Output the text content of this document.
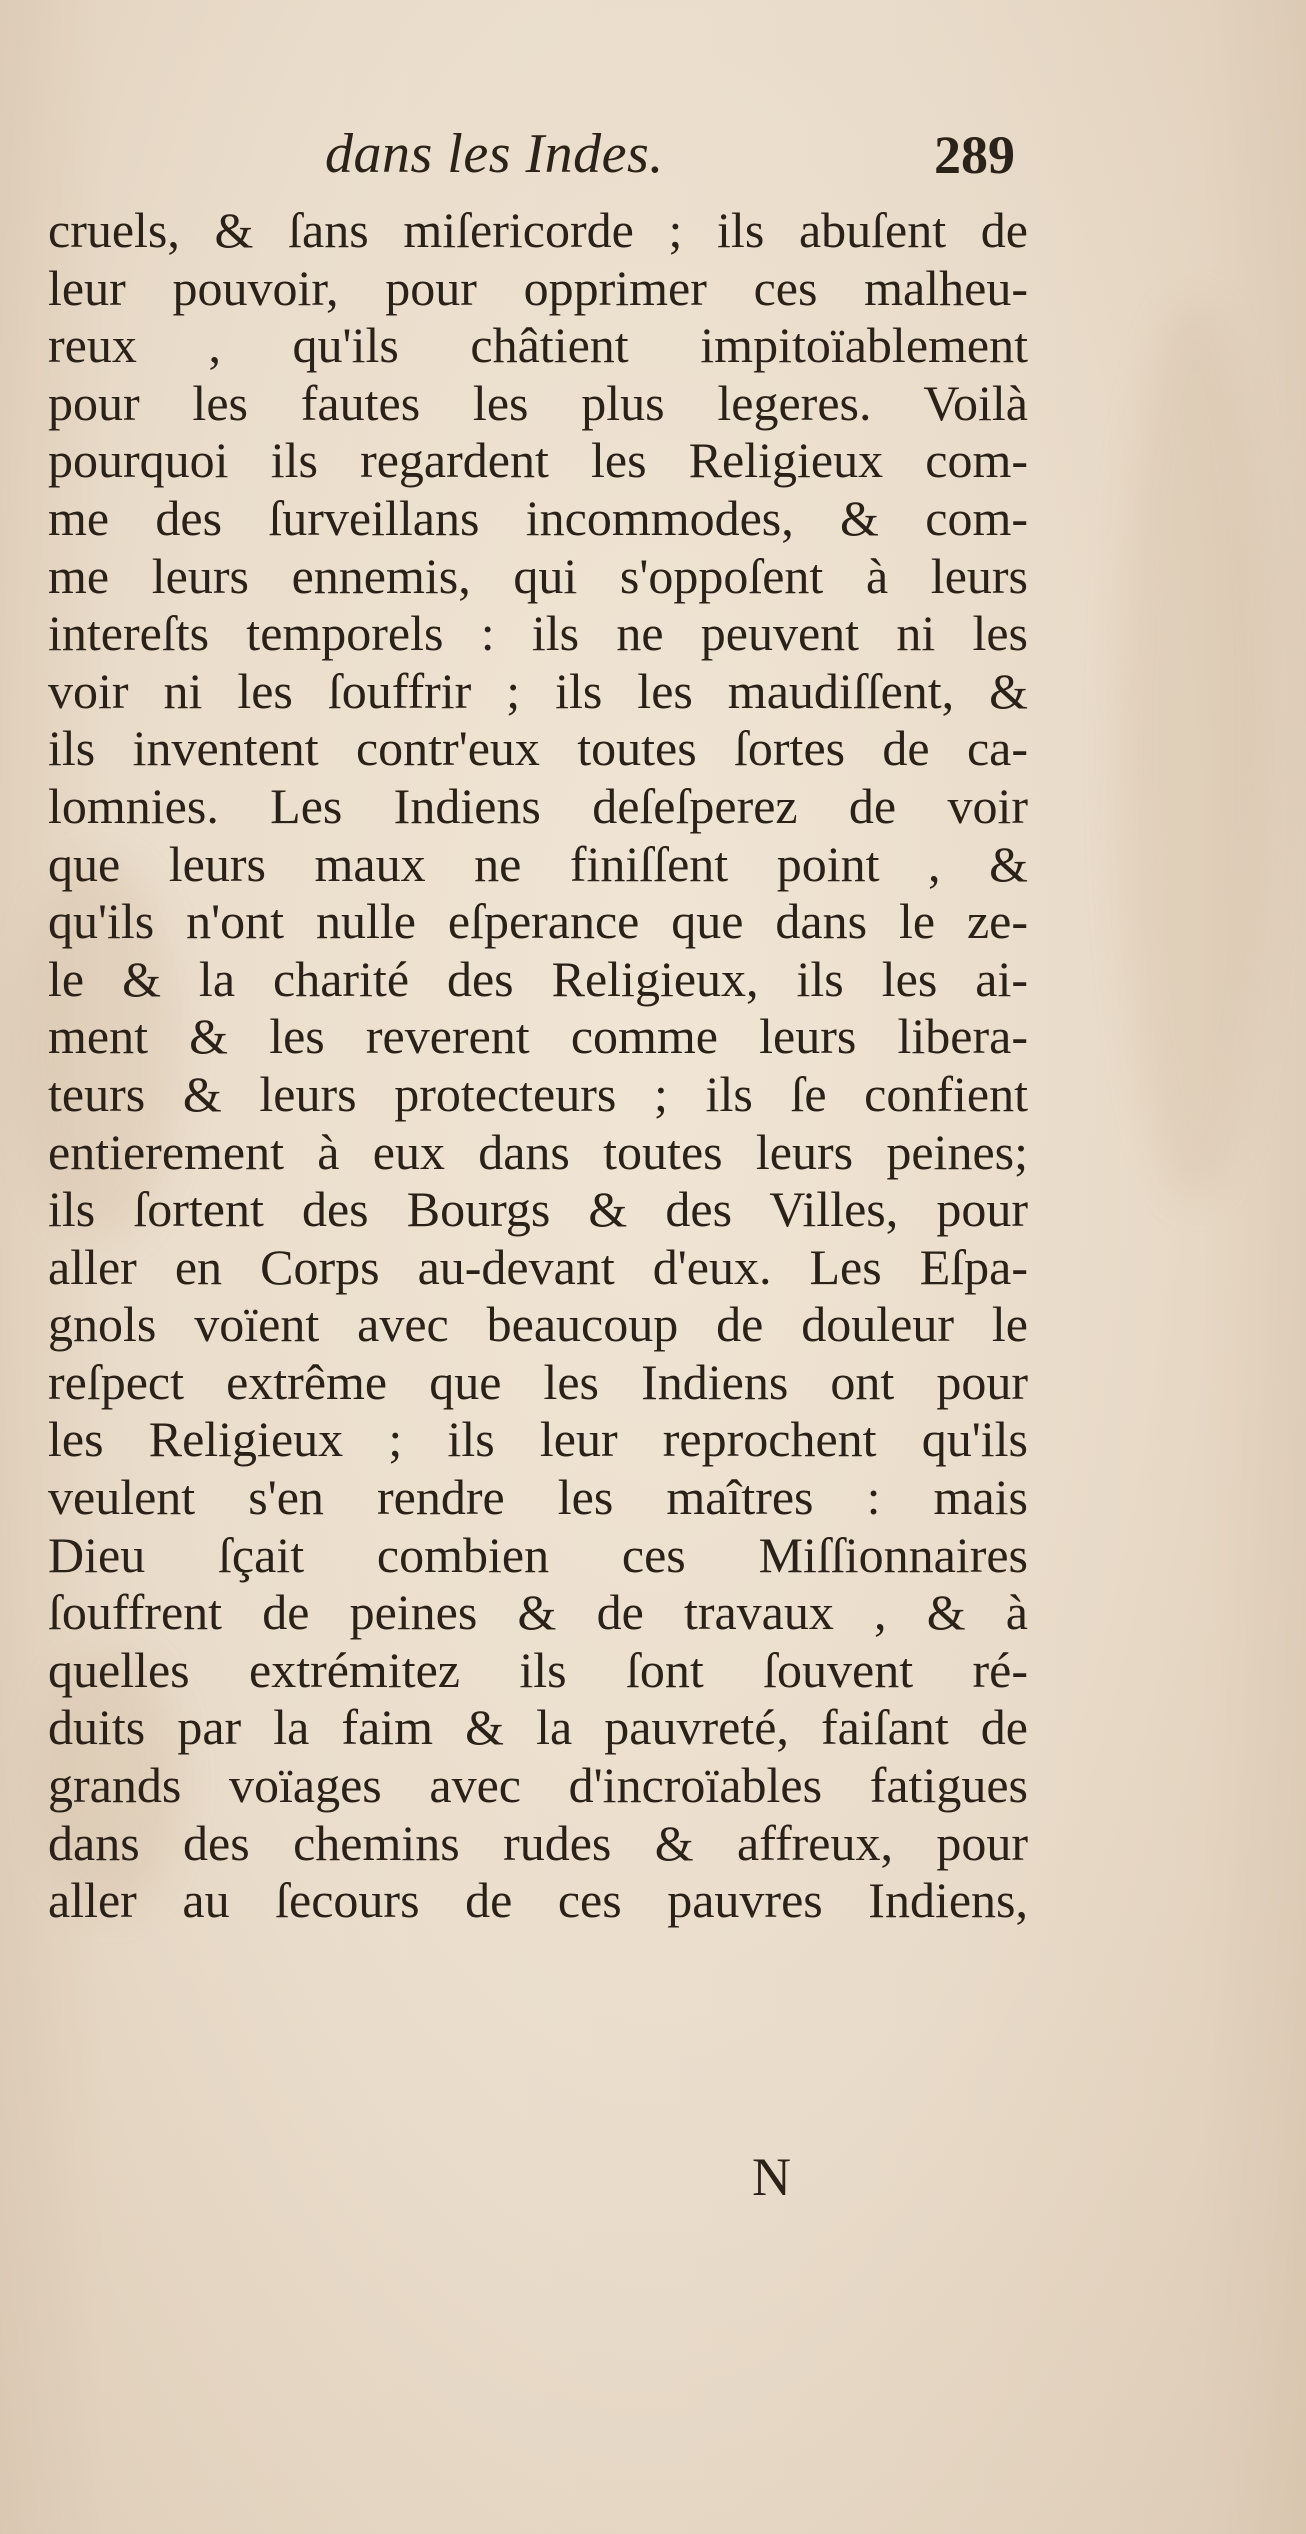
dans les Indes.	289
cruels, & ſans miſericorde ; ils abuſent de
leur pouvoir, pour opprimer ces malheu-
reux , qu'ils châtient impitoïablement
pour les fautes les plus legeres. Voilà
pourquoi ils regardent les Religieux com-
me des ſurveillans incommodes, & com-
me leurs ennemis, qui s'oppoſent à leurs
intereſts temporels : ils ne peuvent ni les
voir ni les ſouffrir ; ils les maudiſſent, &
ils inventent contr'eux toutes ſortes de ca-
lomnies. Les Indiens deſeſperez de voir
que leurs maux ne finiſſent point , &
qu'ils n'ont nulle eſperance que dans le ze-
le & la charité des Religieux, ils les ai-
ment & les reverent comme leurs libera-
teurs & leurs protecteurs ; ils ſe confient
entierement à eux dans toutes leurs peines;
ils ſortent des Bourgs & des Villes, pour
aller en Corps au-devant d'eux. Les Eſpa-
gnols voïent avec beaucoup de douleur le
reſpect extrême que les Indiens ont pour
les Religieux ; ils leur reprochent qu'ils
veulent s'en rendre les maîtres : mais
Dieu ſçait combien ces Miſſionnaires
ſouffrent de peines & de travaux , & à
quelles extrémitez ils ſont ſouvent ré-
duits par la faim & la pauvreté, faiſant de
grands voïages avec d'incroïables fatigues
dans des chemins rudes & affreux, pour
aller au ſecours de ces pauvres Indiens,
N
